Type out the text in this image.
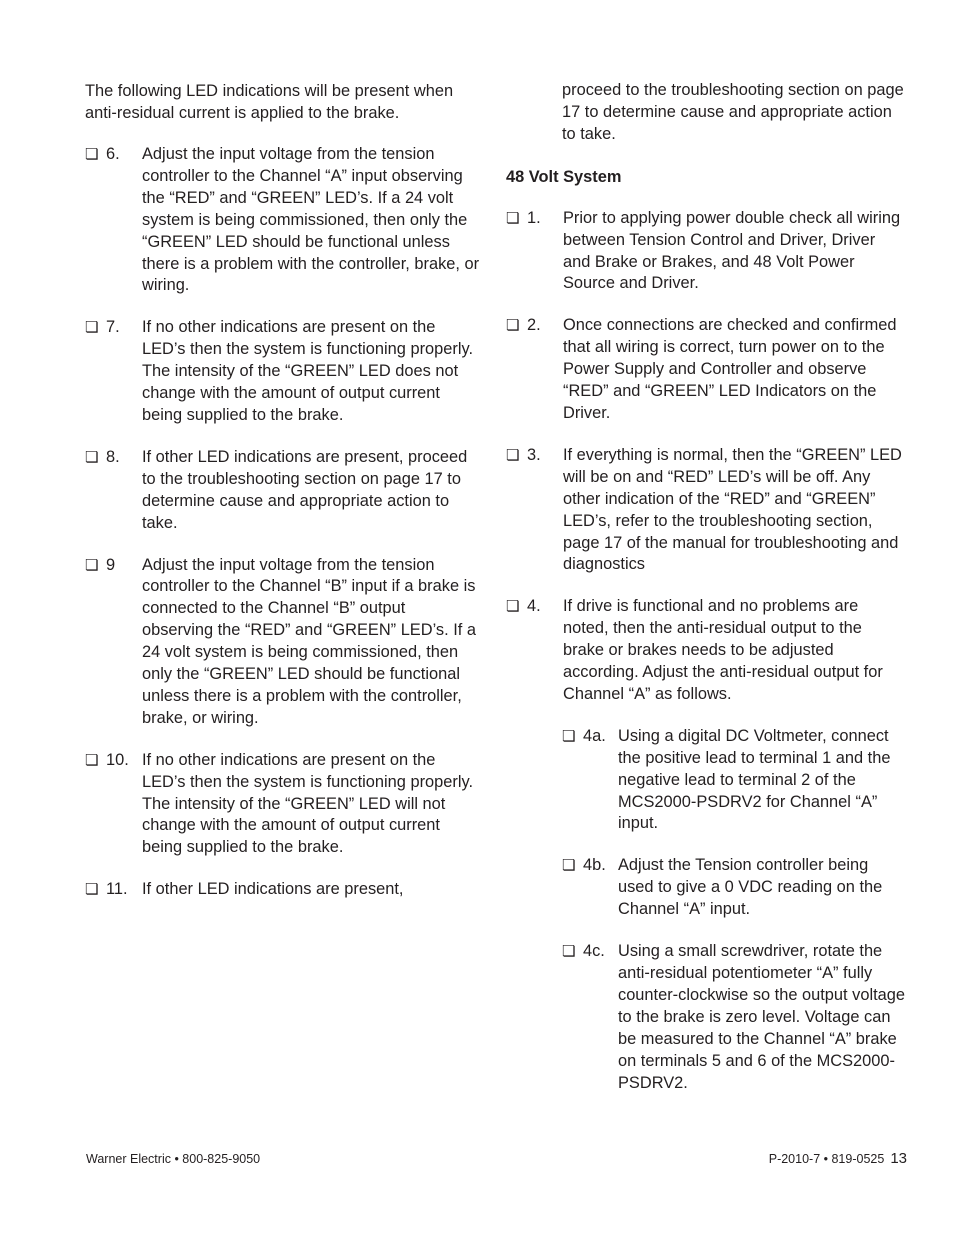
The following LED indications will be present when anti-residual current is applied to the brake.

❏ 6.	Adjust the input voltage from the tension controller to the Channel “A” input observing the “RED” and “GREEN” LED’s. If a 24 volt system is being commissioned, then only the “GREEN” LED should be functional unless there is a problem with the controller, brake, or wiring.
❏ 7.	If no other indications are present on the LED’s then the system is functioning properly. The intensity of the “GREEN” LED does not change with the amount of output current being supplied to the brake.
❏ 8.	If other LED indications are present, proceed to the troubleshooting section on page 17 to determine cause and appropriate action to take.
❏ 9	Adjust the input voltage from the tension controller to the Channel “B” input if a brake is connected to the Channel “B” output observing the “RED” and “GREEN” LED’s. If a 24 volt system is being commissioned, then only the “GREEN” LED should be functional unless there is a problem with the controller, brake, or wiring.
❏ 10. If no other indications are present on the LED’s then the system is functioning properly. The intensity of the “GREEN” LED will not change with the amount of output current being supplied to the brake.
❏ 11. If other LED indications are present,
proceed to the troubleshooting section on page 17 to determine cause and appropriate action to take.
48 Volt System
❏ 1.	Prior to applying power double check all wiring between Tension Control and Driver, Driver and Brake or Brakes, and 48 Volt Power Source and Driver.
❏ 2.	Once connections are checked and confirmed that all wiring is correct, turn power on to the Power Supply and Controller and observe “RED” and “GREEN” LED Indicators on the Driver.
❏ 3.	If everything is normal, then the “GREEN” LED will be on and “RED” LED’s will be off. Any other indication of the “RED” and “GREEN” LED’s, refer to the troubleshooting section, page 17 of the manual for troubleshooting and diagnostics
❏ 4.	If drive is functional and no problems are noted, then the anti-residual output to the brake or brakes needs to be adjusted according. Adjust the anti-residual output for Channel “A” as follows.
❏ 4a. Using a digital DC Voltmeter, connect the positive lead to terminal 1 and the negative lead to terminal 2 of the MCS2000-PSDRV2 for Channel “A” input.
❏ 4b. Adjust the Tension controller being used to give a 0 VDC reading on the Channel “A” input.
❏ 4c. Using a small screwdriver, rotate the anti-residual potentiometer “A” fully counter-clockwise so the output voltage to the brake is zero level. Voltage can be measured to the Channel “A” brake on terminals 5 and 6 of the MCS2000-PSDRV2.
Warner Electric • 800-825-9050	P-2010-7 • 819-0525 13
